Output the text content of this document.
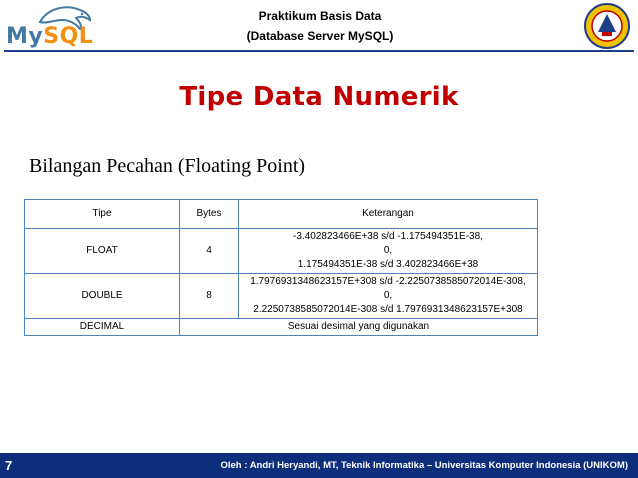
MySQL
Praktikum Basis Data
(Database Server MySQL)
Tipe Data Numerik
Bilangan Pecahan (Floating Point)
Tipe	Bytes	Keterangan
FLOAT	4	-3.402823466E+38 s/d -1.175494351E-38,
0,
1.175494351E-38 s/d 3.402823466E+38
DOUBLE	8	1.7976931348623157E+308 s/d -2.2250738585072014E-308,
0,
2.2250738585072014E-308 s/d 1.7976931348623157E+308
DECIMAL	Sesuai desimal yang digunakan	
7	Oleh : Andri Heryandi, MT, Teknik Informatika – Universitas Komputer Indonesia (UNIKOM)
